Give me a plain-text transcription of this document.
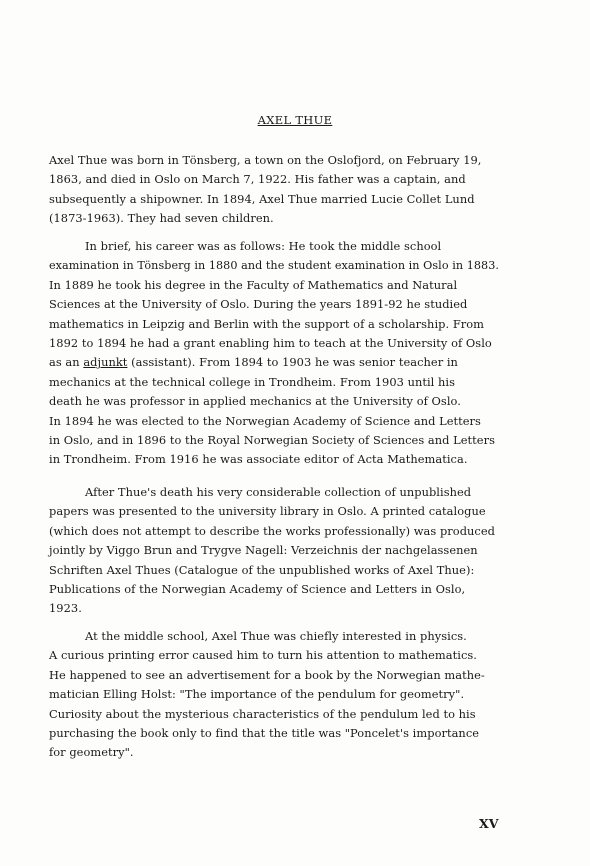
AXEL THUE

Axel Thue was born in Tönsberg, a town on the Oslofjord, on February 19,
1863, and died in Oslo on March 7, 1922. His father was a captain, and
subsequently a shipowner. In 1894, Axel Thue married Lucie Collet Lund
(1873-1963). They had seven children.

In brief, his career was as follows: He took the middle school
examination in Tönsberg in 1880 and the student examination in Oslo in 1883.
In 1889 he took his degree in the Faculty of Mathematics and Natural
Sciences at the University of Oslo. During the years 1891-92 he studied
mathematics in Leipzig and Berlin with the support of a scholarship. From
1892 to 1894 he had a grant enabling him to teach at the University of Oslo
as an adjunkt (assistant). From 1894 to 1903 he was senior teacher in
mechanics at the technical college in Trondheim. From 1903 until his
death he was professor in applied mechanics at the University of Oslo.
In 1894 he was elected to the Norwegian Academy of Science and Letters
in Oslo, and in 1896 to the Royal Norwegian Society of Sciences and Letters
in Trondheim. From 1916 he was associate editor of Acta Mathematica.

After Thue's death his very considerable collection of unpublished
papers was presented to the university library in Oslo. A printed catalogue
(which does not attempt to describe the works professionally) was produced
jointly by Viggo Brun and Trygve Nagell: Verzeichnis der nachgelassenen
Schriften Axel Thues (Catalogue of the unpublished works of Axel Thue):
Publications of the Norwegian Academy of Science and Letters in Oslo,
1923.

At the middle school, Axel Thue was chiefly interested in physics.
A curious printing error caused him to turn his attention to mathematics.
He happened to see an advertisement for a book by the Norwegian mathe-
matician Elling Holst: "The importance of the pendulum for geometry".
Curiosity about the mysterious characteristics of the pendulum led to his
purchasing the book only to find that the title was "Poncelet's importance
for geometry".

XV
